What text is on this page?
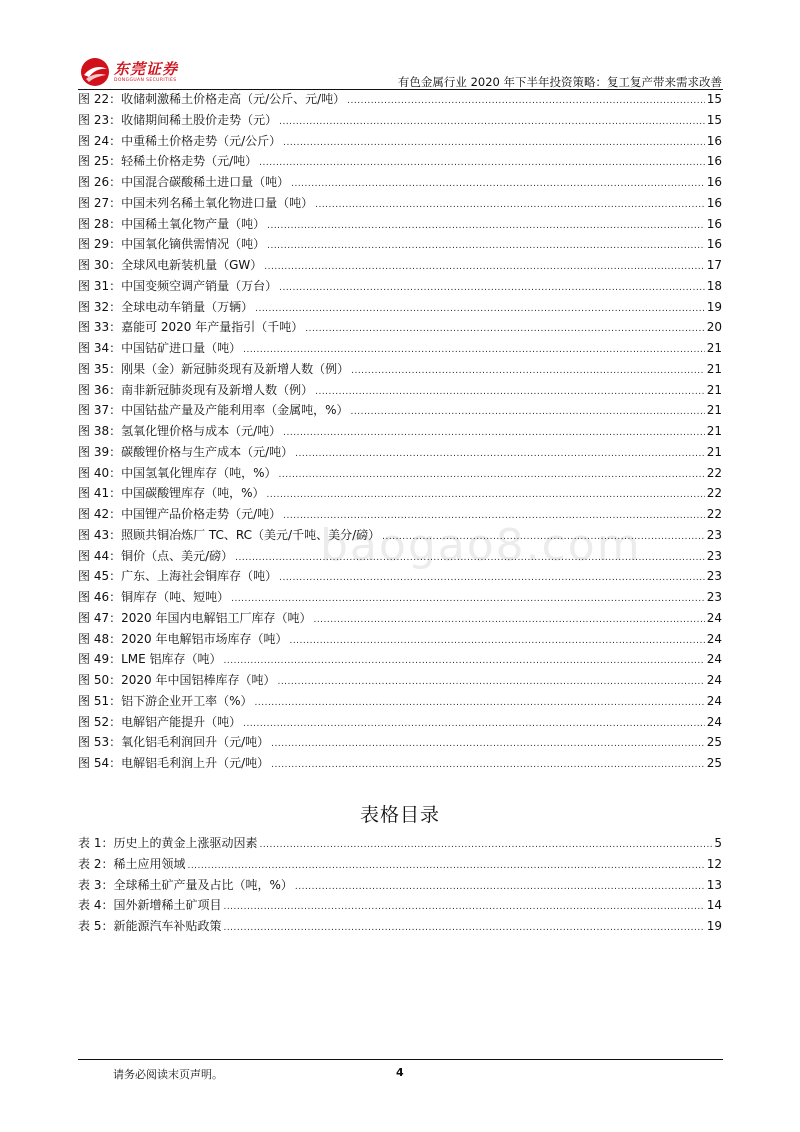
东莞证券
DONGGUAN SECURITIES	有色金属行业 2020 年下半年投资策略：复工复产带来需求改善
baogao8.com
图 22：收储刺激稀土价格走高（元/公斤、元/吨） .....	15
图 23：收储期间稀土股价走势（元） .....	15
图 24：中重稀土价格走势（元/公斤） .....	16
图 25：轻稀土价格走势（元/吨） .....	16
图 26：中国混合碳酸稀土进口量（吨） .....	16
图 27：中国未列名稀土氧化物进口量（吨） .....	16
图 28：中国稀土氧化物产量（吨） .....	16
图 29：中国氧化镝供需情况（吨） .....	16
图 30：全球风电新装机量（GW） .....	17
图 31：中国变频空调产销量（万台） .....	18
图 32：全球电动车销量（万辆） .....	19
图 33：嘉能可 2020 年产量指引（千吨） .....	20
图 34：中国钴矿进口量（吨） .....	21
图 35：刚果（金）新冠肺炎现有及新增人数（例） .....	21
图 36：南非新冠肺炎现有及新增人数（例） .....	21
图 37：中国钴盐产量及产能利用率（金属吨，%） .....	21
图 38：氢氧化锂价格与成本（元/吨） .....	21
图 39：碳酸锂价格与生产成本（元/吨） .....	21
图 40：中国氢氧化锂库存（吨，%） .....	22
图 41：中国碳酸锂库存（吨，%） .....	22
图 42：中国锂产品价格走势（元/吨） .....	22
图 43：照顾共铜冶炼厂 TC、RC（美元/千吨、美分/磅） .....	23
图 44：铜价（点、美元/磅） .....	23
图 45：广东、上海社会铜库存（吨） .....	23
图 46：铜库存（吨、短吨） .....	23
图 47：2020 年国内电解铝工厂库存（吨） .....	24
图 48：2020 年电解铝市场库存（吨） .....	24
图 49：LME 铝库存（吨） .....	24
图 50：2020 年中国铝棒库存（吨） .....	24
图 51：铝下游企业开工率（%） .....	24
图 52：电解铝产能提升（吨） .....	24
图 53：氧化铝毛利润回升（元/吨） .....	25
图 54：电解铝毛利润上升（元/吨） .....	25
表格目录
表 1：历史上的黄金上涨驱动因素 .....	5
表 2：稀土应用领域 .....	12
表 3：全球稀土矿产量及占比（吨，%） .....	13
表 4：国外新增稀土矿项目 .....	14
表 5：新能源汽车补贴政策 .....	19
请务必阅读末页声明。	4
